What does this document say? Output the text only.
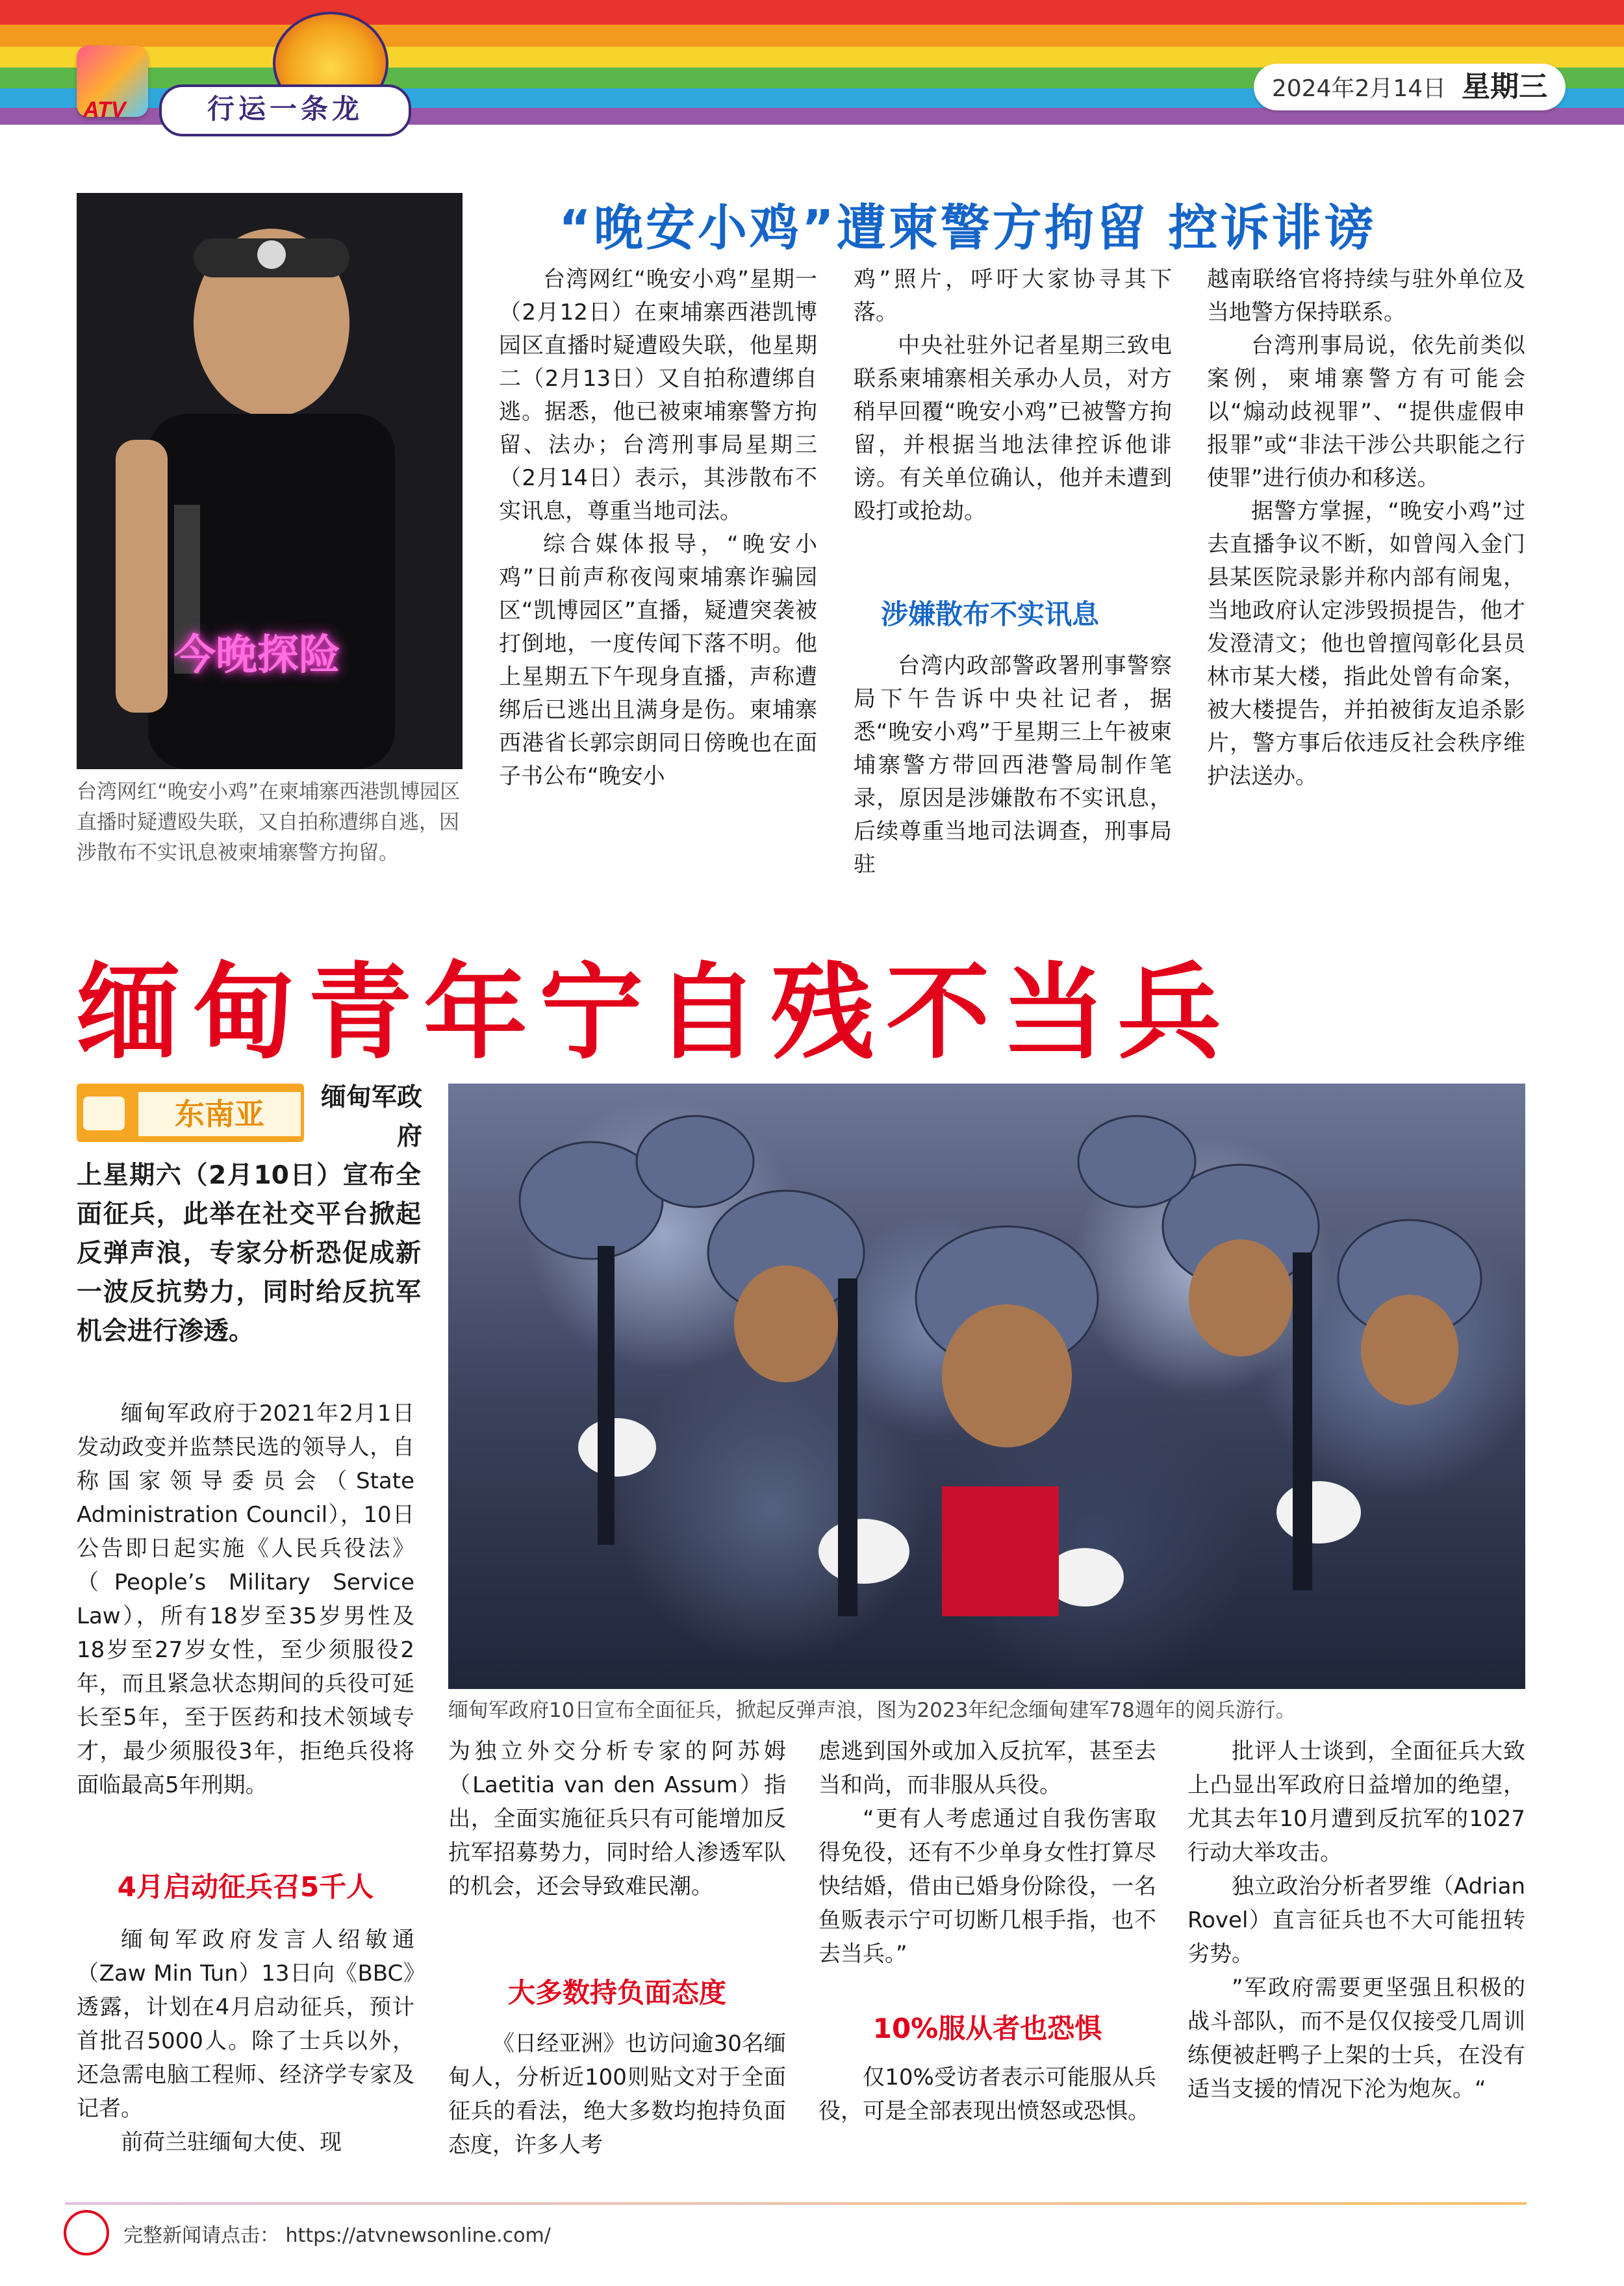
ATV	行运一条龙
2024年2月14日 星期三
今晚探险
台湾网红“晚安小鸡”在柬埔寨西港凯博园区直播时疑遭殴失联，又自拍称遭绑自逃，因涉散布不实讯息被柬埔寨警方拘留。
“晚安小鸡”遭柬警方拘留 控诉诽谤

台湾网红“晚安小鸡”星期一（2月12日）在柬埔寨西港凯博园区直播时疑遭殴失联，他星期二（2月13日）又自拍称遭绑自逃。据悉，他已被柬埔寨警方拘留、法办；台湾刑事局星期三（2月14日）表示，其涉散布不实讯息，尊重当地司法。

综合媒体报导，“晚安小鸡”日前声称夜闯柬埔寨诈骗园区“凯博园区”直播，疑遭突袭被打倒地，一度传闻下落不明。他上星期五下午现身直播，声称遭绑后已逃出且满身是伤。柬埔寨西港省长郭宗朗同日傍晚也在面子书公布“晚安小

鸡”照片，呼吁大家协寻其下落。

中央社驻外记者星期三致电联系柬埔寨相关承办人员，对方稍早回覆“晚安小鸡”已被警方拘留，并根据当地法律控诉他诽谤。有关单位确认，他并未遭到殴打或抢劫。

涉嫌散布不实讯息

台湾内政部警政署刑事警察局下午告诉中央社记者，据悉“晚安小鸡”于星期三上午被柬埔寨警方带回西港警局制作笔录，原因是涉嫌散布不实讯息，后续尊重当地司法调查，刑事局驻

越南联络官将持续与驻外单位及当地警方保持联系。

台湾刑事局说，依先前类似案例，柬埔寨警方有可能会以“煽动歧视罪”、“提供虚假申报罪”或“非法干涉公共职能之行使罪”进行侦办和移送。

据警方掌握，“晚安小鸡”过去直播争议不断，如曾闯入金门县某医院录影并称内部有闹鬼，当地政府认定涉毁损提告，他才发澄清文；他也曾擅闯彰化县员林市某大楼，指此处曾有命案，被大楼提告，并拍被街友追杀影片，警方事后依违反社会秩序维护法送办。

缅甸青年宁自残不当兵
东南亚	缅甸军政府
上星期六（2月10日）宣布全面征兵，此举在社交平台掀起反弹声浪，专家分析恐促成新一波反抗势力，同时给反抗军机会进行渗透。

缅甸军政府于2021年2月1日发动政变并监禁民选的领导人，自称国家领导委员会（State Administration Council），10日公告即日起实施《人民兵役法》（People’s Military Service Law），所有18岁至35岁男性及18岁至27岁女性，至少须服役2年，而且紧急状态期间的兵役可延长至5年，至于医药和技术领域专才，最少须服役3年，拒绝兵役将面临最高5年刑期。

4月启动征兵召5千人

缅甸军政府发言人绍敏通（Zaw Min Tun）13日向《BBC》透露，计划在4月启动征兵，预计首批召5000人。除了士兵以外，还急需电脑工程师、经济学专家及记者。

前荷兰驻缅甸大使、现

缅甸军政府10日宣布全面征兵，掀起反弹声浪，图为2023年纪念缅甸建军78週年的阅兵游行。

为独立外交分析专家的阿苏姆（Laetitia van den Assum）指出，全面实施征兵只有可能增加反抗军招募势力，同时给人渗透军队的机会，还会导致难民潮。

大多数持负面态度

《日经亚洲》也访问逾30名缅甸人，分析近100则贴文对于全面征兵的看法，绝大多数均抱持负面态度，许多人考

虑逃到国外或加入反抗军，甚至去当和尚，而非服从兵役。

“更有人考虑通过自我伤害取得免役，还有不少单身女性打算尽快结婚，借由已婚身份除役，一名鱼贩表示宁可切断几根手指，也不去当兵。”

10%服从者也恐惧

仅10%受访者表示可能服从兵役，可是全部表现出愤怒或恐惧。

批评人士谈到，全面征兵大致上凸显出军政府日益增加的绝望，尤其去年10月遭到反抗军的1027行动大举攻击。

独立政治分析者罗维（Adrian Rovel）直言征兵也不大可能扭转劣势。

”军政府需要更坚强且积极的战斗部队，而不是仅仅接受几周训练便被赶鸭子上架的士兵，在没有适当支援的情况下沦为炮灰。“

完整新闻请点击： https://atvnewsonline.com/
